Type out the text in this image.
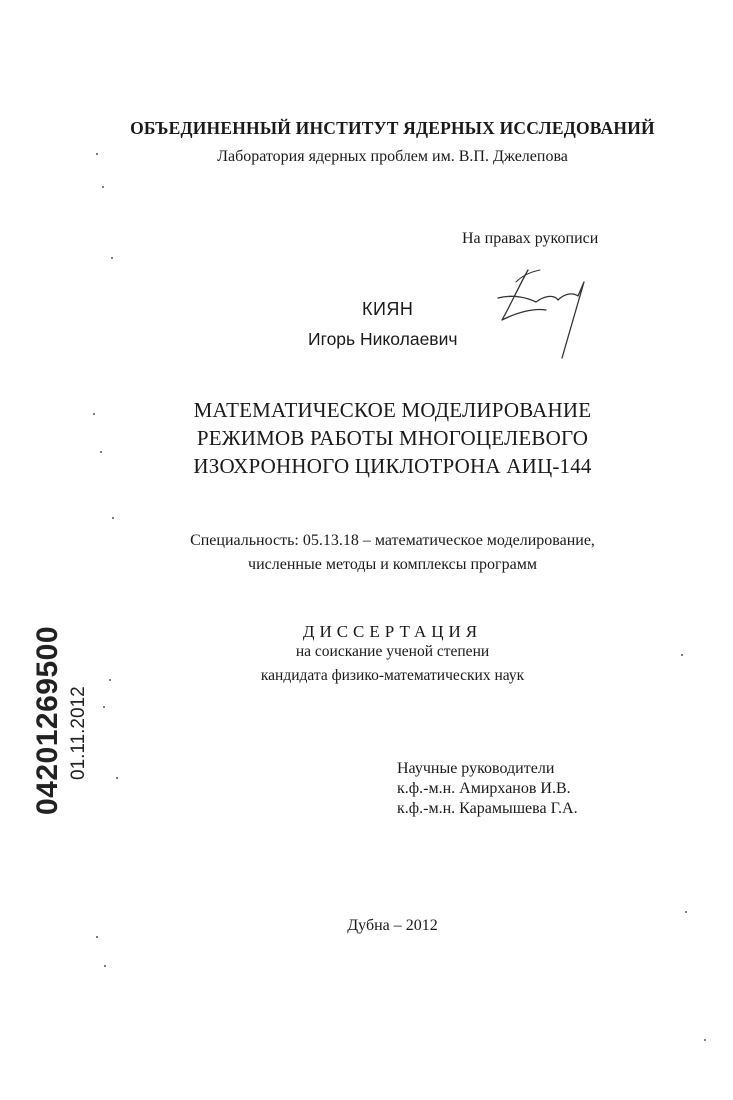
ОБЪЕДИНЕННЫЙ ИНСТИТУТ ЯДЕРНЫХ ИССЛЕДОВАНИЙ
Лаборатория ядерных проблем им. В.П. Джелепова
На правах рукописи
КИЯН
Игорь Николаевич
МАТЕМАТИЧЕСКОЕ МОДЕЛИРОВАНИЕ
РЕЖИМОВ РАБОТЫ МНОГОЦЕЛЕВОГО
ИЗОХРОННОГО ЦИКЛОТРОНА АИЦ-144
Специальность: 05.13.18 – математическое моделирование,
численные методы и комплексы программ
ДИССЕРТАЦИЯ
на соискание ученой степени
кандидата физико-математических наук
Научные руководители
к.ф.-м.н. Амирханов И.В.
к.ф.-м.н. Карамышева Г.А.
Дубна – 2012
04201269500 01.11.2012
